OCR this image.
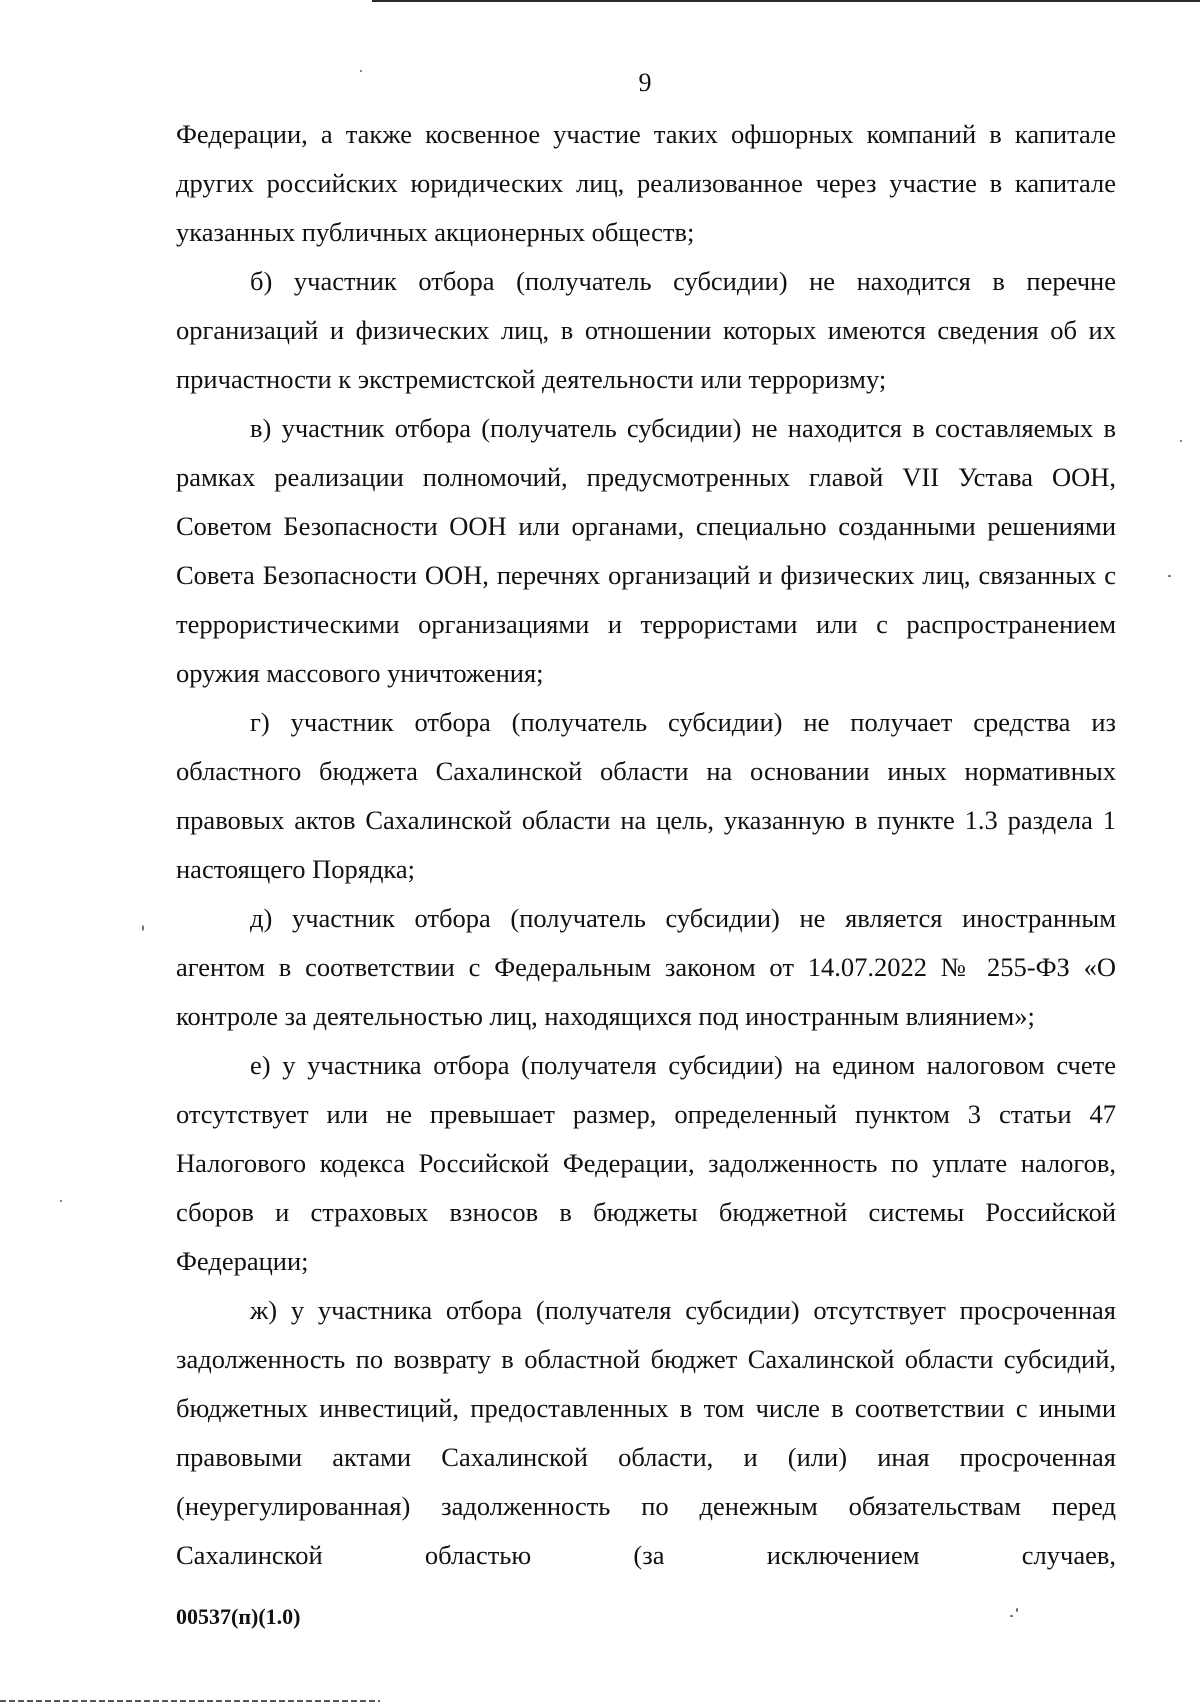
9

Федерации, а также косвенное участие таких офшорных компаний в капитале других российских юридических лиц, реализованное через участие в капитале указанных публичных акционерных обществ;

б) участник отбора (получатель субсидии) не находится в перечне организаций и физических лиц, в отношении которых имеются сведения об их причастности к экстремистской деятельности или терроризму;

в) участник отбора (получатель субсидии) не находится в составляемых в рамках реализации полномочий, предусмотренных главой VII Устава ООН, Советом Безопасности ООН или органами, специально созданными решениями Совета Безопасности ООН, перечнях организаций и физических лиц, связанных с террористическими организациями и террористами или с распространением оружия массового уничтожения;

г) участник отбора (получатель субсидии) не получает средства из областного бюджета Сахалинской области на основании иных нормативных правовых актов Сахалинской области на цель, указанную в пункте 1.3 раздела 1 настоящего Порядка;

д) участник отбора (получатель субсидии) не является иностранным агентом в соответствии с Федеральным законом от 14.07.2022 № 255-ФЗ «О контроле за деятельностью лиц, находящихся под иностранным влиянием»;

е) у участника отбора (получателя субсидии) на едином налоговом счете отсутствует или не превышает размер, определенный пунктом 3 статьи 47 Налогового кодекса Российской Федерации, задолженность по уплате налогов, сборов и страховых взносов в бюджеты бюджетной системы Российской Федерации;

ж) у участника отбора (получателя субсидии) отсутствует просроченная задолженность по возврату в областной бюджет Сахалинской области субсидий, бюджетных инвестиций, предоставленных в том числе в соответствии с иными правовыми актами Сахалинской области, и (или) иная просроченная (неурегулированная) задолженность по денежным обязательствам перед Сахалинской областью (за исключением случаев,

00537(п)(1.0)
